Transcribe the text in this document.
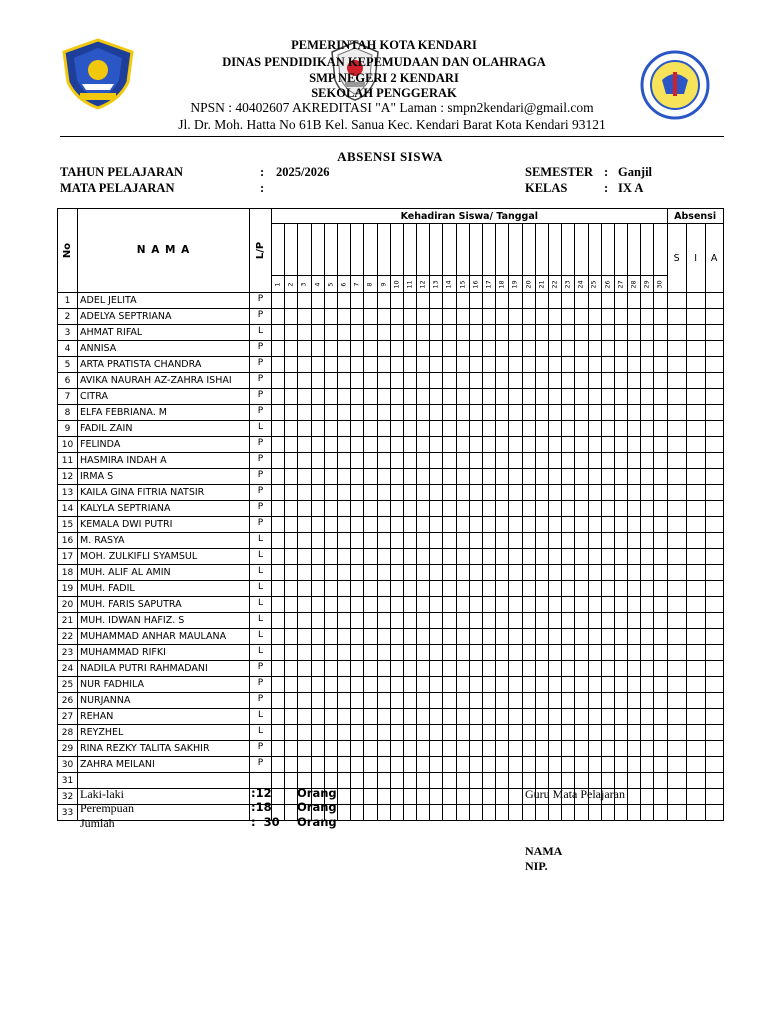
PEMERINTAH KOTA KENDARI
DINAS PENDIDIKAN KEPEMUDAAN DAN OLAHRAGA
SMP NEGERI 2 KENDARI
SEKOLAH PENGGERAK
NPSN : 40402607 AKREDITASI "A" Laman : smpn2kendari@gmail.com
Jl. Dr. Moh. Hatta No 61B Kel. Sanua Kec. Kendari Barat Kota Kendari 93121
ABSENSI SISWA
TAHUN PELAJARAN	: 2025/2026
MATA PELAJARAN	:
SEMESTER : Ganjil
KELAS	: IX A
No	N A M A	L/P	Kehadiran Siswa/ Tanggal																														Absensi		
																																	S	I	A
			1	2	3	4	5	6	7	8	9	10	11	12	13	14	15	16	17	18	19	20	21	22	23	24	25	26	27	28	29	30			
1	ADEL JELITA	P																																	
2	ADELYA SEPTRIANA	P																																	
3	AHMAT RIFAL	L																																	
4	ANNISA	P																																	
5	ARTA PRATISTA CHANDRA	P																																	
6	AVIKA NAURAH AZ-ZAHRA ISHAI	P																																	
7	CITRA	P																																	
8	ELFA FEBRIANA. M	P																																	
9	FADIL ZAIN	L																																	
10	FELINDA	P																																	
11	HASMIRA INDAH A	P																																	
12	IRMA S	P																																	
13	KAILA GINA FITRIA NATSIR	P																																	
14	KALYLA SEPTRIANA	P																																	
15	KEMALA DWI PUTRI	P																																	
16	M. RASYA	L																																	
17	MOH. ZULKIFLI SYAMSUL	L																																	
18	MUH. ALIF AL AMIN	L																																	
19	MUH. FADIL	L																																	
20	MUH. FARIS SAPUTRA	L																																	
21	MUH. IDWAN HAFIZ. S	L																																	
22	MUHAMMAD ANHAR MAULANA	L																																	
23	MUHAMMAD RIFKI	L																																	
24	NADILA PUTRI RAHMADANI	P																																	
25	NUR FADHILA	P																																	
26	NURJANNA	P																																	
27	REHAN	L																																	
28	REYZHEL	L																																	
29	RINA REZKY TALITA SAKHIR	P																																	
30	ZAHRA MEILANI	P																																	
31																																			
32																																			
33																																			
Laki-laki	:12 Orang
Perempuan	:18 Orang
Jumlah	:  30 Orang
Guru Mata Pelajaran
NAMA
NIP.
